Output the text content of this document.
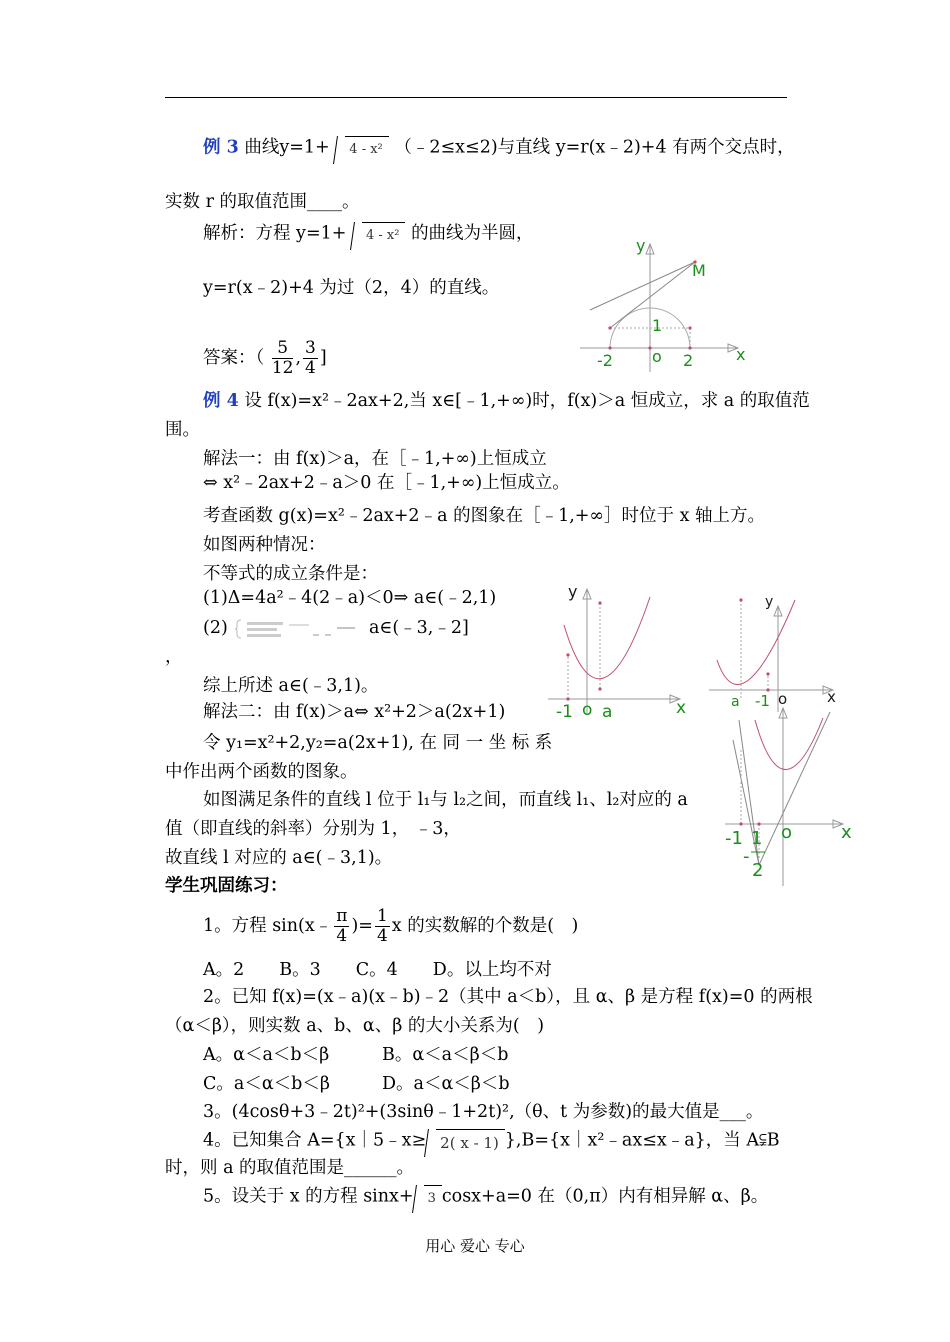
例 3 曲线y=1+ 4 - x² （﹣2≤x≤2)与直线 y=r(x﹣2)+4 有两个交点时，
实数 r 的取值范围____。
解析：方程 y=1+ 4 - x² 的曲线为半圆，
y=r(x﹣2)+4 为过（2，4）的直线。
答案：（ $\frac{5}{12}$ , $\frac{3}{4}$ ]
y
x
M
1
-2 o 2
例 4 设 f(x)=x²﹣2ax+2,当 x∈[﹣1,+∞)时，f(x)＞a 恒成立，求 a 的取值范
围。
解法一：由 f(x)＞a，在［﹣1,+∞)上恒成立
⇔ x²﹣2ax+2﹣a＞0 在［﹣1,+∞)上恒成立。
考查函数 g(x)=x²﹣2ax+2﹣a 的图象在［﹣1,+∞］时位于 x 轴上方。
如图两种情况：
不等式的成立条件是：
(1)Δ=4a²﹣4(2﹣a)＜0⇒ a∈(﹣2,1)
(2)	a∈(﹣3,﹣2]
，
综上所述 a∈(﹣3,1)。
解法二：由 f(x)＞a⇔ x²+2＞a(2x+1)
令 y₁=x²+2,y₂=a(2x+1), 在 同 一 坐 标 系
中作出两个函数的图象。
如图满足条件的直线 l 位于 l₁与 l₂之间，而直线 l₁、l₂对应的 a
值（即直线的斜率）分别为 1， ﹣3，
故直线 l 对应的 a∈(﹣3,1)。
y
x
-1 o a
y
x
a -1 o
-1 1
-
2
o	x
学生巩固练习：
1。方程 sin(x﹣ $\frac{\pi}{4}$ )= $\frac{1}{4}$ x 的实数解的个数是(　)
A。2　　B。3　　C。4　　D。以上均不对
2。已知 f(x)=(x﹣a)(x﹣b)﹣2（其中 a＜b），且 α、β 是方程 f(x)=0 的两根
（α＜β），则实数 a、b、α、β 的大小关系为(　)
A。α＜a＜b＜β	B。α＜a＜β＜b
C。a＜α＜b＜β	D。a＜α＜β＜b
3。(4cosθ+3﹣2t)²+(3sinθ﹣1+2t)²,（θ、t 为参数)的最大值是___。
4。已知集合 A={x｜5﹣x≥ 2( x - 1) },B={x｜x²﹣ax≤x﹣a}，当 A⫋B
时，则 a 的取值范围是______。
5。设关于 x 的方程 sinx+ 3 cosx+a=0 在（0,π）内有相异解 α、β。
用心 爱心 专心
